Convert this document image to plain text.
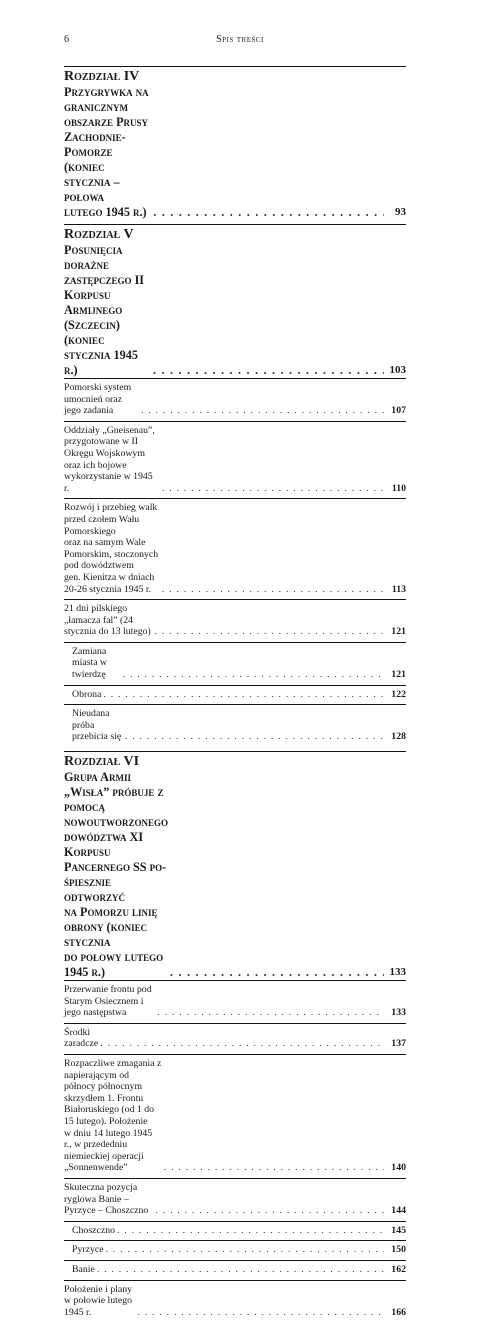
6	Spis treści
Rozdział IV
Przygrywka na granicznym obszarze Prusy
Zachodnie-Pomorze (koniec stycznia – połowa
lutego 1945 r.) . . .	93
Rozdział V
Posunięcia doraźne zastępczego II Korpusu
Armijnego (Szczecin) (koniec stycznia 1945 r.) . . .	103
Pomorski system umocnień oraz jego zadania . . .	107
Oddziały „Gneisenau”, przygotowane w II Okręgu Wojskowym
oraz ich bojowe wykorzystanie w 1945 r. . . .	110
Rozwój i przebieg walk przed czołem Wału Pomorskiego
oraz na samym Wale Pomorskim, stoczonych pod dowództwem
gen. Kienitza w dniach 20-26 stycznia 1945 r. . . .	113
21 dni pilskiego „łamacza fal” (24 stycznia do 13 lutego) . . .	121
Zamiana miasta w twierdzę . . .	121
Obrona . . .	122
Nieudana próba przebicia się . . .	128
Rozdział VI
Grupa Armii „Wisła” próbuje z pomocą
nowoutworzonego dowództwa XI Korpusu
Pancernego SS po-śpiesznie odtworzyć
na Pomorzu linię obrony (koniec stycznia
do połowy lutego 1945 r.) . . .	133
Przerwanie frontu pod Starym Osiecznem i jego następstwa . . .	133
Środki zaradcze . . .	137
Rozpaczliwe zmagania z napierającym od północy północnym
skrzydłem 1. Frontu Białoruskiego (od 1 do 15 lutego). Położenie
w dniu 14 lutego 1945 r., w przededniu niemieckiej operacji
„Sonnenwende” . . .	140
Skuteczna pozycja ryglowa Banie – Pyrzyce – Choszczno . . .	144
Choszczno . . .	145
Pyrzyce . . .	150
Banie . . .	162
Położenie i plany w połowie lutego 1945 r. . . .	166
